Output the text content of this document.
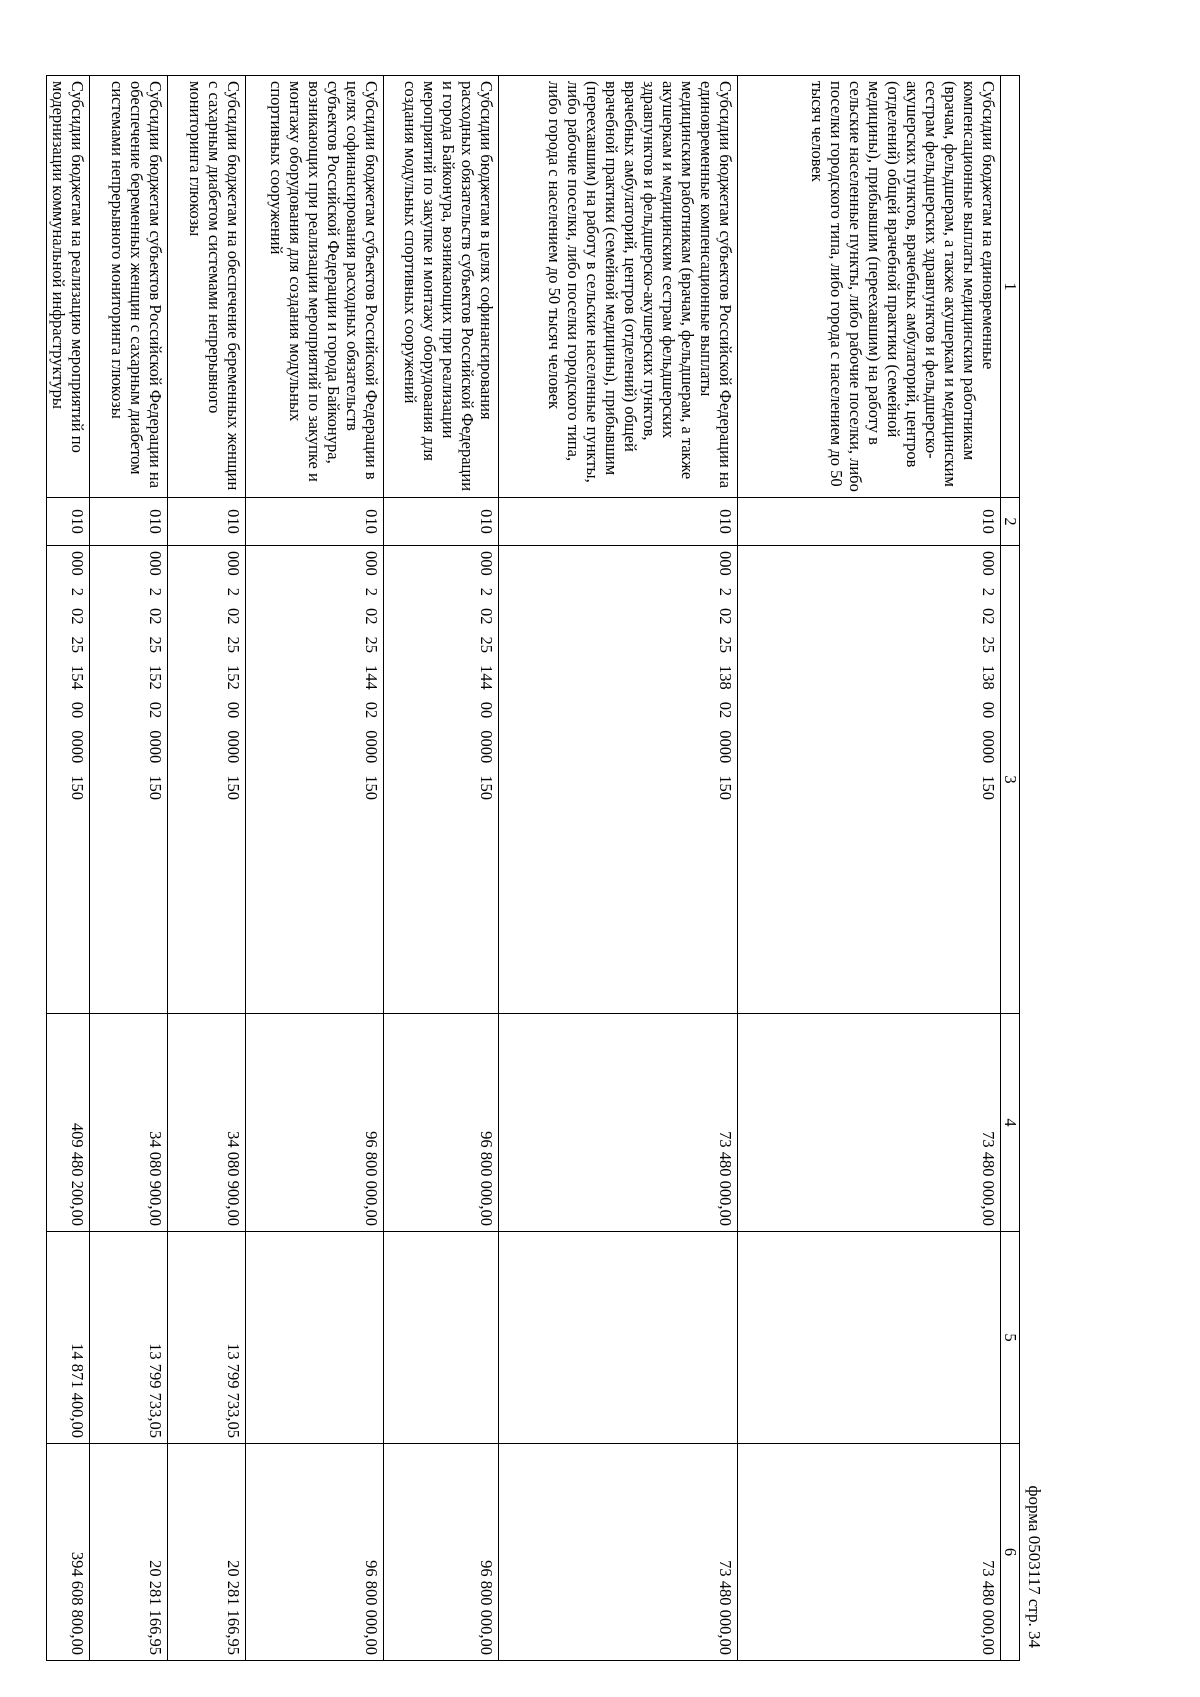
форма 0503117 стр. 34
1	2	3	4	5	6
Субсидии бюджетам на единовременные компенсационные выплаты медицинским работникам (врачам, фельдшерам, а также акушеркам и медицинским сестрам фельдшерских здравпунктов и фельдшерско-акушерских пунктов, врачебных амбулаторий, центров (отделений) общей врачебной практики (семейной медицины), прибывшим (переехавшим) на работу в сельские населенные пункты, либо рабочие поселки, либо поселки городского типа, либо города с населением до 50 тысяч человек	010	00020225138000000150	73 480 000,00		73 480 000,00
Субсидии бюджетам субъектов Российской Федерации на единовременные компенсационные выплаты медицинским работникам (врачам, фельдшерам, а также акушеркам и медицинским сестрам фельдшерских здравпунктов и фельдшерско-акушерских пунктов, врачебных амбулаторий, центров (отделений) общей врачебной практики (семейной медицины), прибывшим (переехавшим) на работу в сельские населенные пункты, либо рабочие поселки, либо поселки городского типа, либо города с населением до 50 тысяч человек	010	00020225138020000150	73 480 000,00		73 480 000,00
Субсидии бюджетам в целях софинансирования расходных обязательств субъектов Российской Федерации и города Байконура, возникающих при реализации мероприятий по закупке и монтажу оборудования для создания модульных спортивных сооружений	010	00020225144000000150	96 800 000,00		96 800 000,00
Субсидии бюджетам субъектов Российской Федерации в целях софинансирования расходных обязательств субъектов Российской Федерации и города Байконура, возникающих при реализации мероприятий по закупке и монтажу оборудования для создания модульных спортивных сооружений	010	00020225144020000150	96 800 000,00		96 800 000,00
Субсидии бюджетам на обеспечение беременных женщин с сахарным диабетом системами непрерывного мониторинга глюкозы	010	00020225152000000150	34 080 900,00	13 799 733,05	20 281 166,95
Субсидии бюджетам субъектов Российской Федерации на обеспечение беременных женщин с сахарным диабетом системами непрерывного мониторинга глюкозы	010	00020225152020000150	34 080 900,00	13 799 733,05	20 281 166,95
Субсидии бюджетам на реализацию мероприятий по модернизации коммунальной инфраструктуры	010	00020225154000000150	409 480 200,00	14 871 400,00	394 608 800,00
